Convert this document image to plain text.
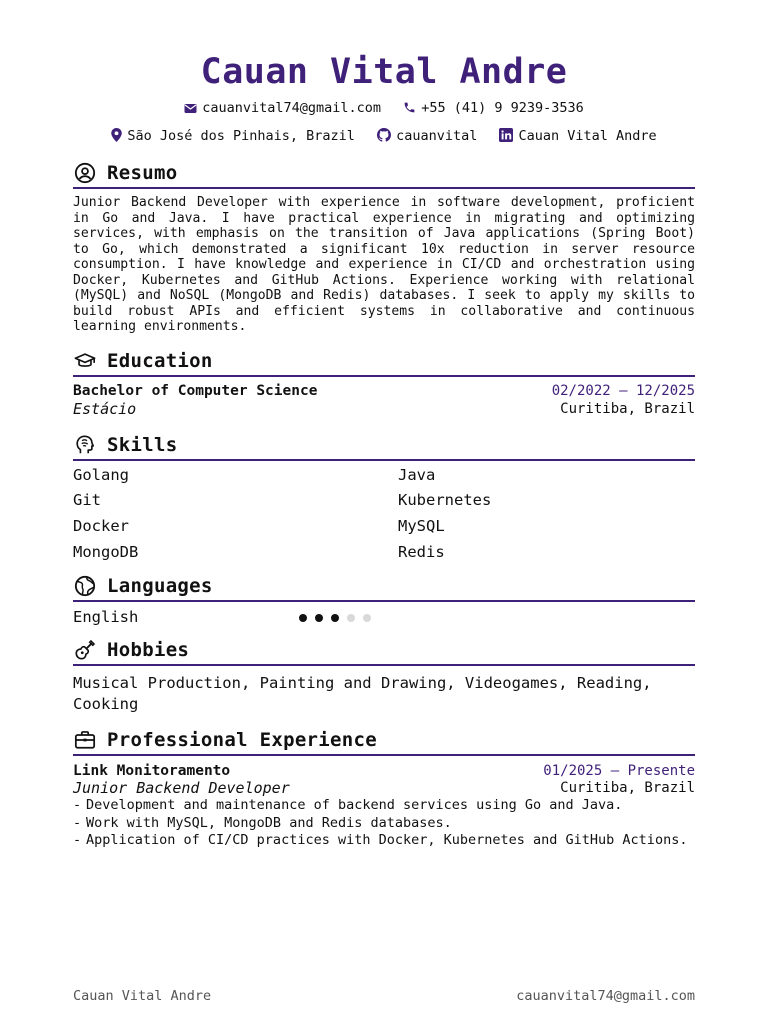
Cauan Vital Andre
cauanvital74@gmail.com	+55 (41) 9 9239-3536
São José dos Pinhais, Brazil	cauanvital	Cauan Vital Andre
Resumo

Junior Backend Developer with experience in software development, proficient in Go and Java. I have practical experience in migrating and optimizing services, with emphasis on the transition of Java applications (Spring Boot) to Go, which demonstrated a significant 10x reduction in server resource consumption. I have knowledge and experience in CI/CD and orchestration using Docker, Kubernetes and GitHub Actions. Experience working with relational (MySQL) and NoSQL (MongoDB and Redis) databases. I seek to apply my skills to build robust APIs and efficient systems in collaborative and continuous learning environments.

Education
Bachelor of Computer Science	02/2022 – 12/2025
Estácio	Curitiba, Brazil
Skills
Golang	Java
Git	Kubernetes
Docker	MySQL
MongoDB	Redis
Languages
English
Hobbies

Musical Production, Painting and Drawing, Videogames, Reading, Cooking

Professional Experience
Link Monitoramento	01/2025 – Presente
Junior Backend Developer	Curitiba, Brazil
- Development and maintenance of backend services using Go and Java.
- Work with MySQL, MongoDB and Redis databases.
- Application of CI/CD practices with Docker, Kubernetes and GitHub Actions.
Cauan Vital Andre	cauanvital74@gmail.com
